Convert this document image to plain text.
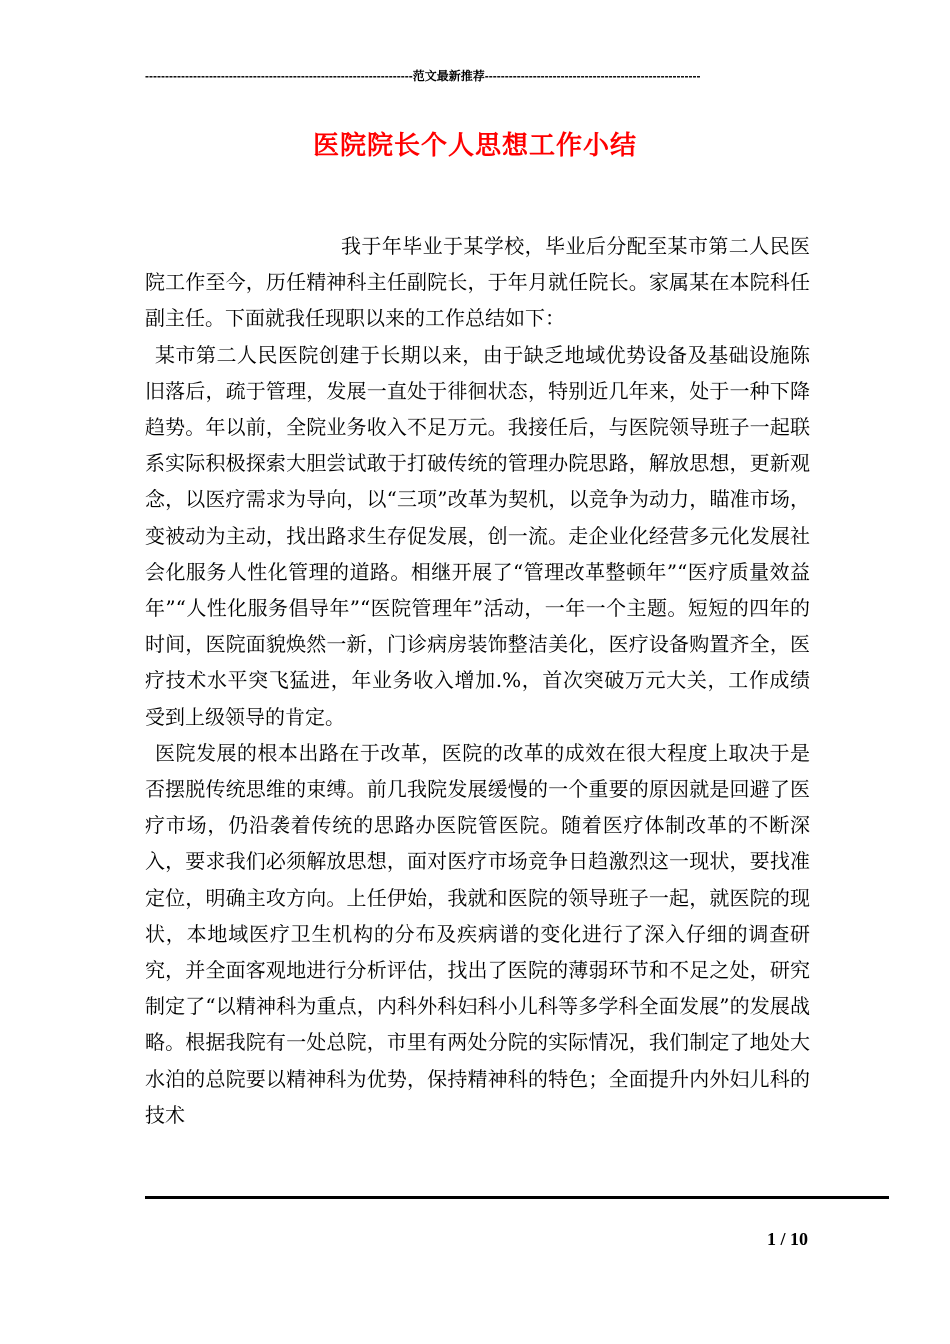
-------------------------------------------------------------------范文最新推荐------------------------------------------------------
医院院长个人思想工作小结

我于年毕业于某学校，毕业后分配至某市第二人民医院工作至今，历任精神科主任副院长，于年月就任院长。家属某在本院科任副主任。下面就我任现职以来的工作总结如下：

某市第二人民医院创建于长期以来，由于缺乏地域优势设备及基础设施陈旧落后，疏于管理，发展一直处于徘徊状态，特别近几年来，处于一种下降趋势。年以前，全院业务收入不足万元。我接任后，与医院领导班子一起联系实际积极探索大胆尝试敢于打破传统的管理办院思路，解放思想，更新观念，以医疗需求为导向，以“三项”改革为契机，以竞争为动力，瞄准市场，变被动为主动，找出路求生存促发展，创一流。走企业化经营多元化发展社会化服务人性化管理的道路。相继开展了“管理改革整顿年”“医疗质量效益年”“人性化服务倡导年”“医院管理年”活动，一年一个主题。短短的四年的时间，医院面貌焕然一新，门诊病房装饰整洁美化，医疗设备购置齐全，医疗技术水平突飞猛进，年业务收入增加.%，首次突破万元大关，工作成绩受到上级领导的肯定。

医院发展的根本出路在于改革，医院的改革的成效在很大程度上取决于是否摆脱传统思维的束缚。前几我院发展缓慢的一个重要的原因就是回避了医疗市场，仍沿袭着传统的思路办医院管医院。随着医疗体制改革的不断深入，要求我们必须解放思想，面对医疗市场竞争日趋激烈这一现状，要找准定位，明确主攻方向。上任伊始，我就和医院的领导班子一起，就医院的现状，本地域医疗卫生机构的分布及疾病谱的变化进行了深入仔细的调查研究，并全面客观地进行分析评估，找出了医院的薄弱环节和不足之处，研究制定了“以精神科为重点，内科外科妇科小儿科等多学科全面发展”的发展战略。根据我院有一处总院，市里有两处分院的实际情况，我们制定了地处大水泊的总院要以精神科为优势，保持精神科的特色；全面提升内外妇儿科的技术

1 / 10
